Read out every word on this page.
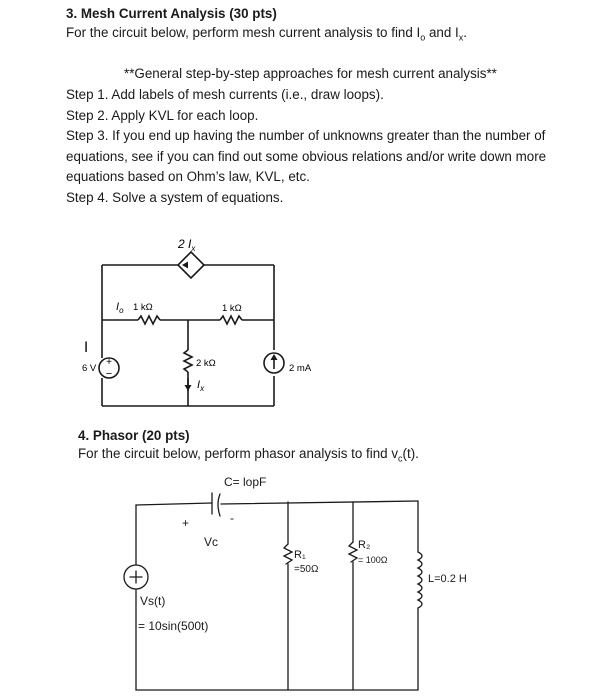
3. Mesh Current Analysis (30 pts)
For the circuit below, perform mesh current analysis to find $I_o$ and $I_x$.
**General step-by-step approaches for mesh current analysis**
Step 1. Add labels of mesh currents (i.e., draw loops).
Step 2. Apply KVL for each loop.
Step 3. If you end up having the number of unknowns greater than the number of
equations, see if you can find out some obvious relations and/or write down more
equations based on Ohm’s law, KVL, etc.
Step 4. Solve a system of equations.
+
−
2 $I_x$
$I_o$ 1 kΩ	1 kΩ
2 kΩ
$I_x$
6 V	2 mA
I
4. Phasor (20 pts)
For the circuit below, perform phasor analysis to find $v_c(t)$.
C= lopF
+	-
Vc
R₁
=50Ω
R₂
= 100Ω
L=0.2 H
Vs(t)
= 10sin(500t)
